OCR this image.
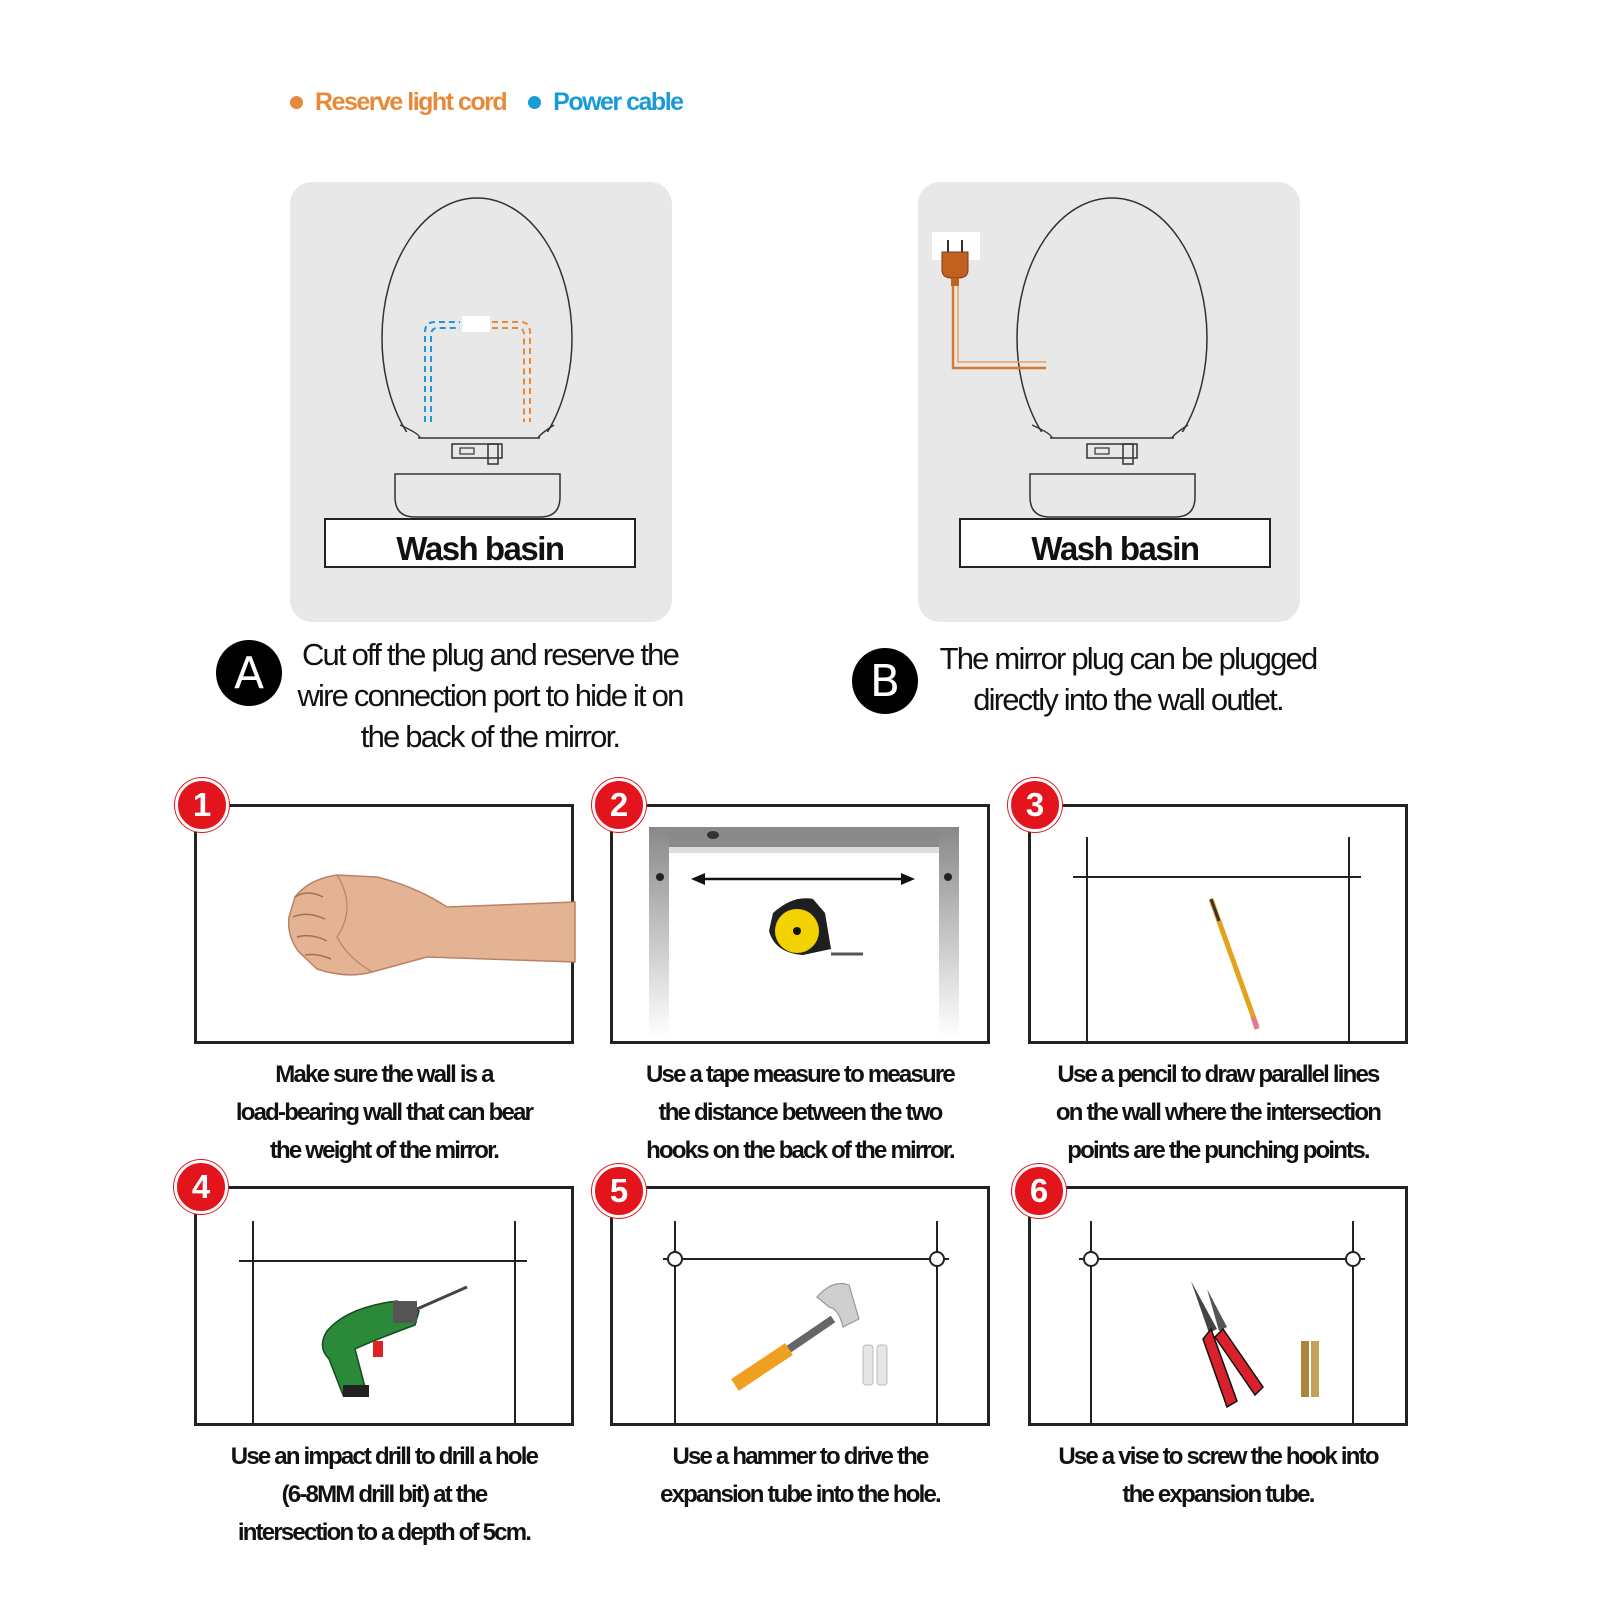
Reserve light cord Power cable
Wash basin	Wash basin
A	Cut off the plug and reserve the
wire connection port to hide it on
the back of the mirror.
B	The mirror plug can be plugged
directly into the wall outlet.
1
Make sure the wall is a
load-bearing wall that can bear
the weight of the mirror.
2
Use a tape measure to measure
the distance between the two
hooks on the back of the mirror.
3
Use a pencil to draw parallel lines
on the wall where the intersection
points are the punching points.
4
Use an impact drill to drill a hole
(6-8MM drill bit) at the
intersection to a depth of 5cm.
5
Use a hammer to drive the
expansion tube into the hole.
6
Use a vise to screw the hook into
the expansion tube.
